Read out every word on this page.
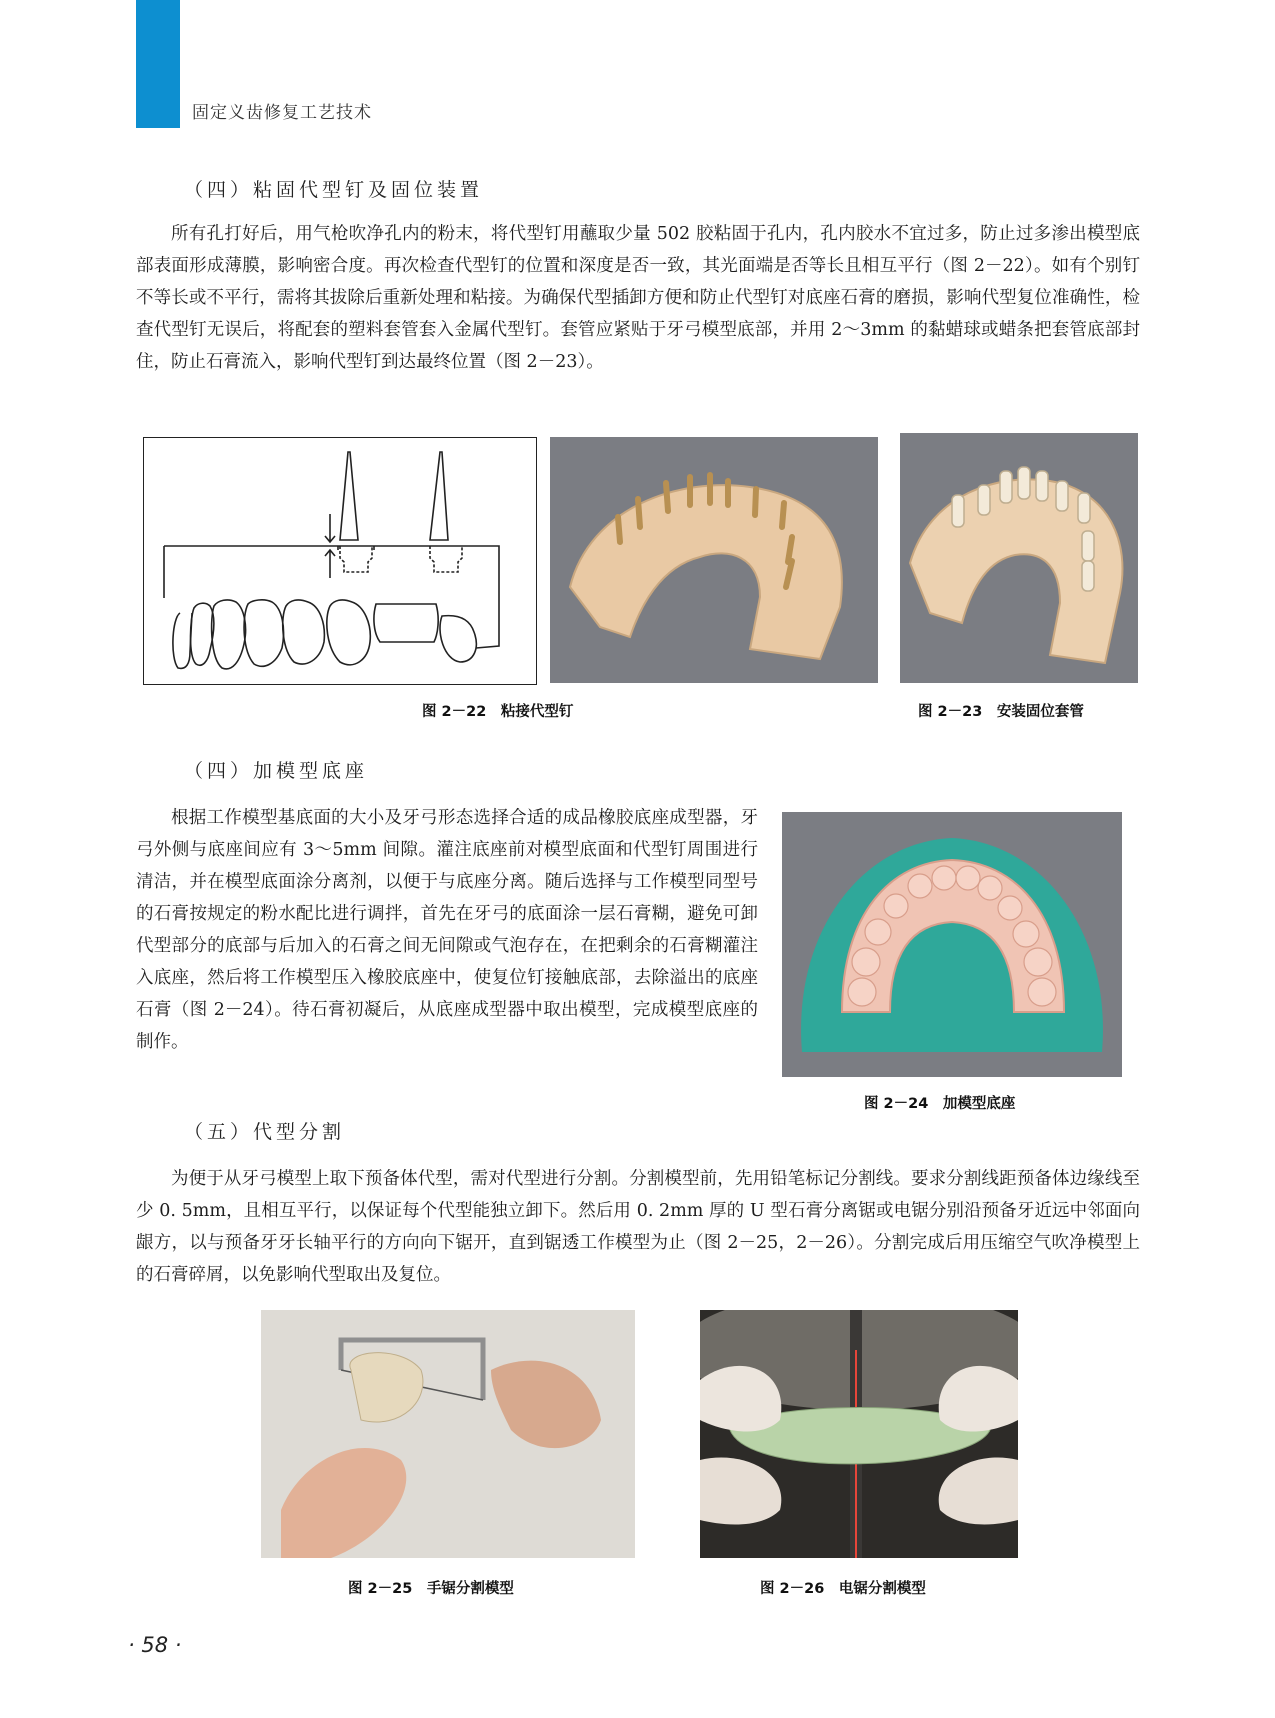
固定义齿修复工艺技术
（四）粘固代型钉及固位装置

所有孔打好后，用气枪吹净孔内的粉末，将代型钉用蘸取少量 502 胶粘固于孔内，孔内胶水不宜过多，防止过多渗出模型底部表面形成薄膜，影响密合度。再次检查代型钉的位置和深度是否一致，其光面端是否等长且相互平行（图 2－22）。如有个别钉不等长或不平行，需将其拔除后重新处理和粘接。为确保代型插卸方便和防止代型钉对底座石膏的磨损，影响代型复位准确性，检查代型钉无误后，将配套的塑料套管套入金属代型钉。套管应紧贴于牙弓模型底部，并用 2～3mm 的黏蜡球或蜡条把套管底部封住，防止石膏流入，影响代型钉到达最终位置（图 2－23）。

图 2－22　粘接代型钉	图 2－23　安装固位套管
（四）加模型底座

根据工作模型基底面的大小及牙弓形态选择合适的成品橡胶底座成型器，牙弓外侧与底座间应有 3～5mm 间隙。灌注底座前对模型底面和代型钉周围进行清洁，并在模型底面涂分离剂，以便于与底座分离。随后选择与工作模型同型号的石膏按规定的粉水配比进行调拌，首先在牙弓的底面涂一层石膏糊，避免可卸代型部分的底部与后加入的石膏之间无间隙或气泡存在，在把剩余的石膏糊灌注入底座，然后将工作模型压入橡胶底座中，使复位钉接触底部，去除溢出的底座石膏（图 2－24）。待石膏初凝后，从底座成型器中取出模型，完成模型底座的制作。

图 2－24　加模型底座
（五）代型分割

为便于从牙弓模型上取下预备体代型，需对代型进行分割。分割模型前，先用铅笔标记分割线。要求分割线距预备体边缘线至少 0. 5mm，且相互平行，以保证每个代型能独立卸下。然后用 0. 2mm 厚的 U 型石膏分离锯或电锯分别沿预备牙近远中邻面向龈方，以与预备牙牙长轴平行的方向向下锯开，直到锯透工作模型为止（图 2－25，2－26）。分割完成后用压缩空气吹净模型上的石膏碎屑，以免影响代型取出及复位。

图 2－25　手锯分割模型	图 2－26　电锯分割模型
· 58 ·
